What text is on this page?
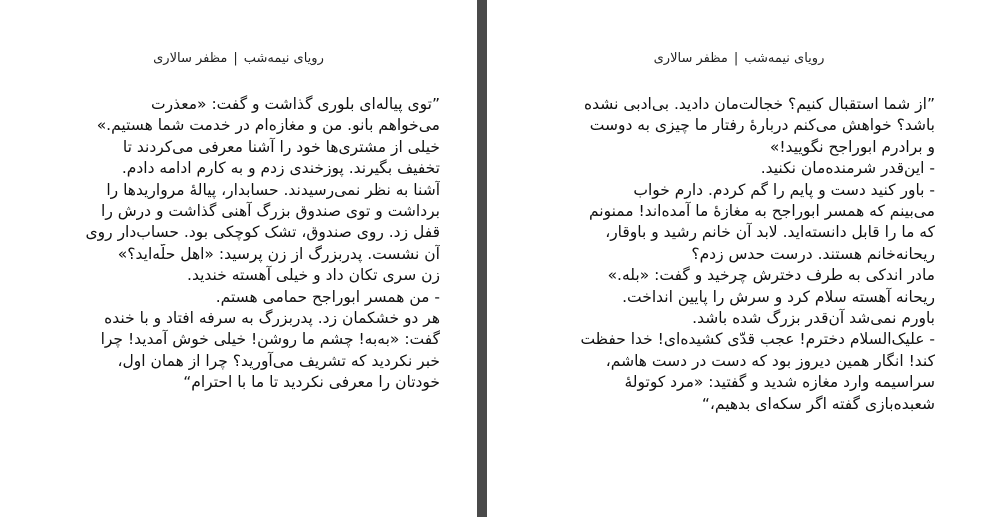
رویای نیمه‌شب|مظفر سالاری
”توی پیاله‌ای بلوری گذاشت و گفت: «معذرت
می‌خواهم بانو. من و مغازه‌ام در خدمت شما هستیم.»
خیلی از مشتری‌ها خود را آشنا معرفی می‌کردند تا
تخفیف بگیرند. پوزخندی زدم و به کارم ادامه دادم.
آشنا به نظر نمی‌رسیدند. حسابدار، پیالهٔ مرواریدها را
برداشت و توی صندوق بزرگ آهنی گذاشت و درش را
قفل زد. روی صندوق، تشک کوچکی بود. حساب‌دار روی
آن نشست. پدربزرگ از زن پرسید: «اهل حلّه‌اید؟»
زن سری تکان داد و خیلی آهسته خندید.
- من همسر ابوراجح حمامی هستم.
هر دو خشکمان زد. پدربزرگ به سرفه افتاد و با خنده
گفت: «به‌به! چشم ما روشن! خیلی خوش آمدید! چرا
خبر نکردید که تشریف می‌آورید؟ چرا از همان اول،
خودتان را معرفی نکردید تا ما با احترام“
رویای نیمه‌شب|مظفر سالاری
”از شما استقبال کنیم؟ خجالت‌مان دادید. بی‌ادبی نشده
باشد؟ خواهش می‌کنم دربارهٔ رفتار ما چیزی به دوست
و برادرم ابوراجح نگویید!»
- این‌قدر شرمنده‌مان نکنید.
- باور کنید دست و پایم را گم کردم. دارم خواب
می‌بینم که همسر ابوراجح به مغازهٔ ما آمده‌اند! ممنونم
که ما را قابل دانسته‌اید. لابد آن خانم رشید و باوقار،
ریحانه‌خانم هستند. درست حدس زدم؟
مادر اندکی به طرف دخترش چرخید و گفت: «بله.»
ریحانه آهسته سلام کرد و سرش را پایین انداخت.
باورم نمی‌شد آن‌قدر بزرگ شده باشد.
- علیک‌السلام دخترم! عجب قدّی کشیده‌ای! خدا حفظت
کند! انگار همین دیروز بود که دست در دست هاشم،
سراسیمه وارد مغازه شدید و گفتید: «مرد کوتولهٔ
شعبده‌بازی گفته اگر سکه‌ای بدهیم،“
